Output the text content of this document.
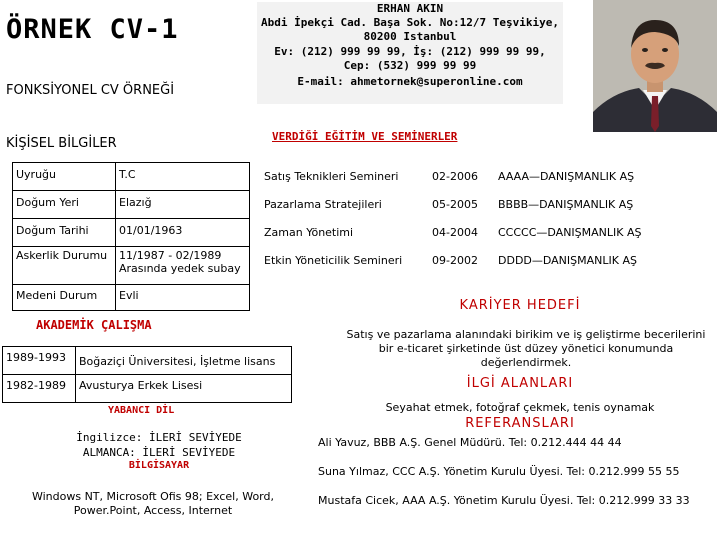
ÖRNEK CV-1
FONKSİYONEL CV ÖRNEĞİ
ERHAN AKIN
Abdi İpekçi Cad. Başa Sok. No:12/7 Teşvikiye,
80200 Istanbul
Ev: (212) 999 99 99, İş: (212) 999 99 99,
Cep: (532) 999 99 99
E-mail: ahmetornek@superonline.com
KİŞİSEL BİLGİLER
Uyruğu	T.C
Doğum Yeri	Elazığ
Doğum Tarihi	01/01/1963
Askerlik Durumu	11/1987 - 02/1989 Arasında yedek subay
Medeni Durum	Evli
VERDİĞİ EĞİTİM VE SEMİNERLER
Satış Teknikleri Semineri	02-2006	AAAA—DANIŞMANLIK AŞ
Pazarlama Stratejileri	05-2005	BBBB—DANIŞMANLIK AŞ
Zaman Yönetimi	04-2004	CCCCC—DANIŞMANLIK AŞ
Etkin Yöneticilik Semineri	09-2002	DDDD—DANIŞMANLIK AŞ
AKADEMİK ÇALIŞMA
1989-1993	Boğaziçi Üniversitesi, İşletme lisans
1982-1989	Avusturya Erkek Lisesi
YABANCI DİL
İngilizce: İLERİ SEVİYEDE
ALMANCA: İLERİ SEVİYEDE
BİLGİSAYAR
Windows NT, Microsoft Ofis 98; Excel, Word, Power.Point, Access, Internet
KARİYER HEDEFİ
Satış ve pazarlama alanındaki birikim ve iş geliştirme becerilerini bir e-ticaret şirketinde üst düzey yönetici konumunda değerlendirmek.
İLGİ ALANLARI
Seyahat etmek, fotoğraf çekmek, tenis oynamak
REFERANSLARI
Ali Yavuz, BBB A.Ş. Genel Müdürü. Tel: 0.212.444 44 44
Suna Yılmaz, CCC A.Ş. Yönetim Kurulu Üyesi. Tel: 0.212.999 55 55
Mustafa Cicek, AAA A.Ş. Yönetim Kurulu Üyesi. Tel: 0.212.999 33 33
